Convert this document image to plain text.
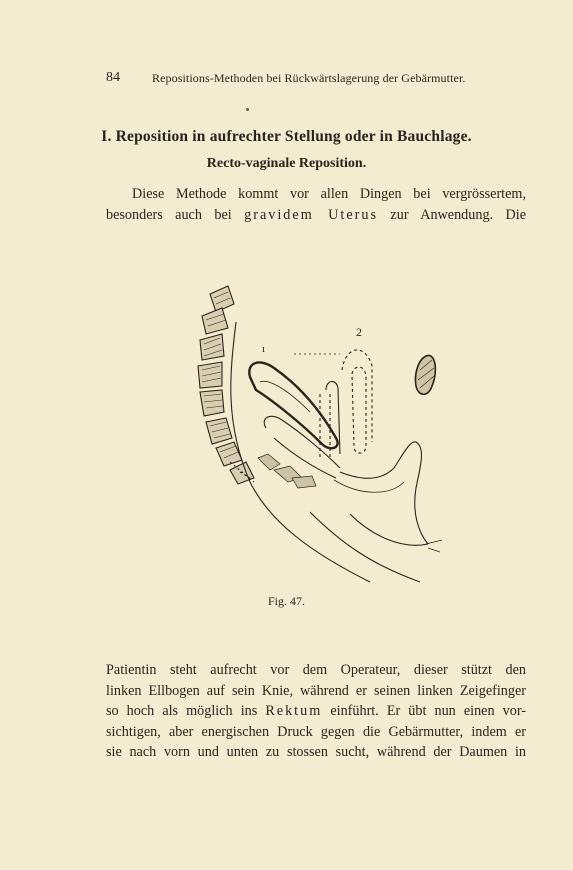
84	Repositions-Methoden bei Rückwärtslagerung der Gebärmutter.
I. Reposition in aufrechter Stellung oder in Bauchlage.
Recto-vaginale Reposition.
Diese Methode kommt vor allen Dingen bei vergrössertem,
besonders auch bei gravidem Uterus zur Anwendung. Die
2
ı
Fig. 47.
Patientin steht aufrecht vor dem Operateur, dieser stützt den
linken Ellbogen auf sein Knie, während er seinen linken Zeigefinger
so hoch als möglich ins Rektum einführt. Er übt nun einen vor-
sichtigen, aber energischen Druck gegen die Gebärmutter, indem er
sie nach vorn und unten zu stossen sucht, während der Daumen in
